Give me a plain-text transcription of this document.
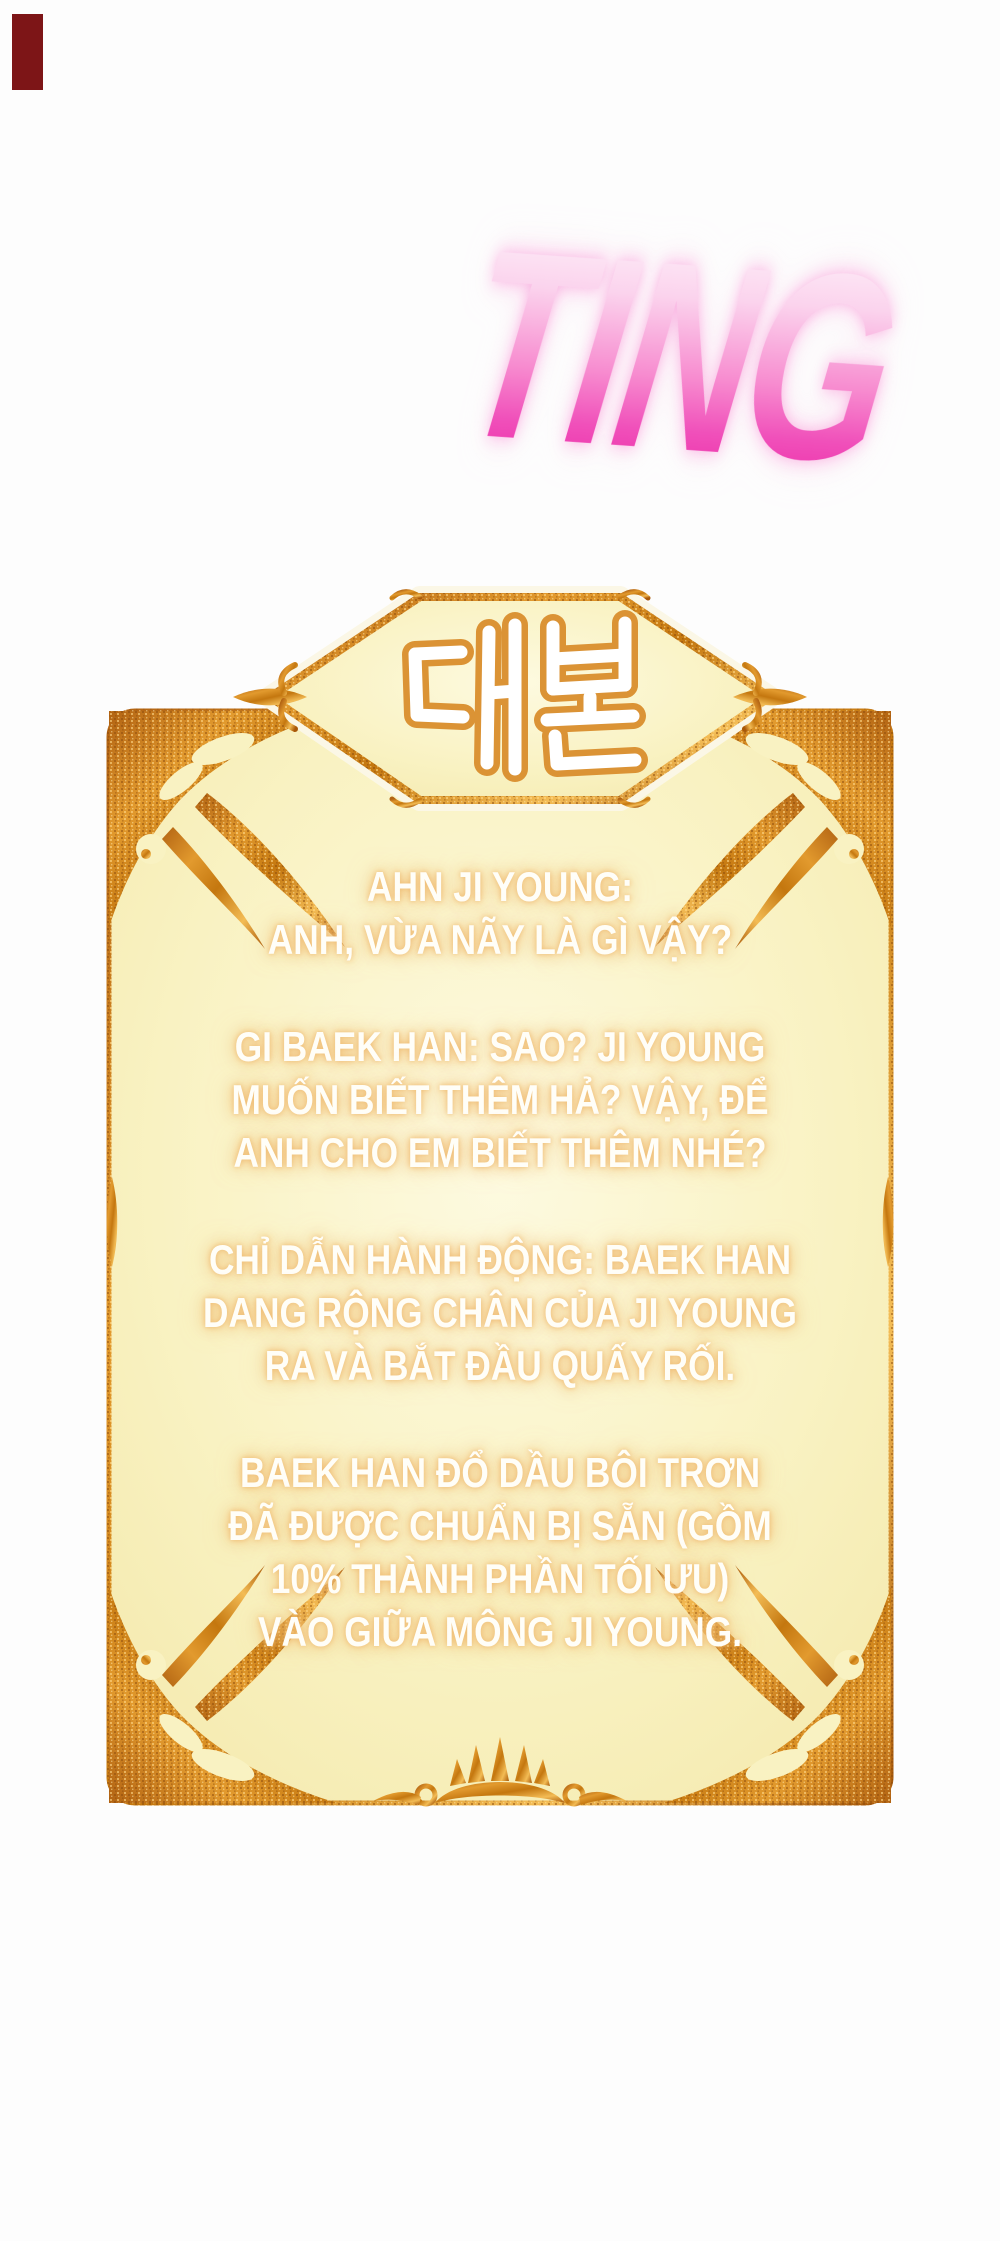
TING
AHN JI YOUNG:
ANH, VỪA NÃY LÀ GÌ VẬY?
GI BAEK HAN: SAO? JI YOUNG
MUỐN BIẾT THÊM HẢ? VẬY, ĐỂ
ANH CHO EM BIẾT THÊM NHÉ?
CHỈ DẪN HÀNH ĐỘNG: BAEK HAN
DANG RỘNG CHÂN CỦA JI YOUNG
RA VÀ BẮT ĐẦU QUẤY RỐI.
BAEK HAN ĐỔ DẦU BÔI TRƠN
ĐÃ ĐƯỢC CHUẨN BỊ SẴN (GỒM
10% THÀNH PHẦN TỐI ƯU)
VÀO GIỮA MÔNG JI YOUNG.
